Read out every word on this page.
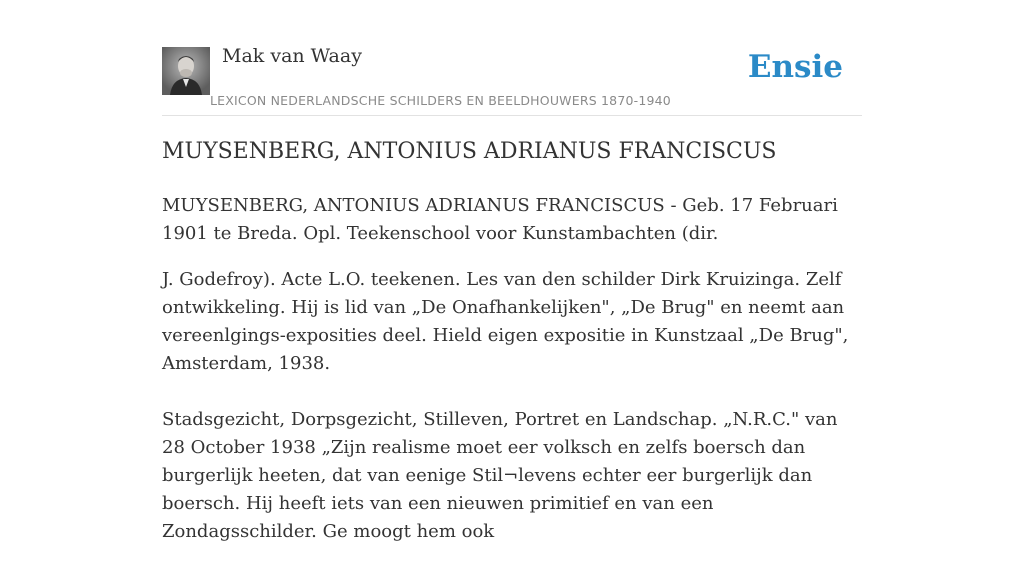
Mak van Waay
LEXICON NEDERLANDSCHE SCHILDERS EN BEELDHOUWERS 1870-1940
Ensie
MUYSENBERG, ANTONIUS ADRIANUS FRANCISCUS

MUYSENBERG, ANTONIUS ADRIANUS FRANCISCUS - Geb. 17 Februari 1901 te Breda. Opl. Teekenschool voor Kunstambachten (dir.

J. Godefroy). Acte L.O. teekenen. Les van den schilder Dirk Kruizinga. Zelf ontwikkeling. Hij is lid van „De Onafhankelijken", „De Brug" en neemt aan vereenlgings-exposities deel. Hield eigen expositie in Kunstzaal „De Brug", Amsterdam, 1938.

Stadsgezicht, Dorpsgezicht, Stilleven, Portret en Landschap. „N.R.C." van 28 October 1938 „Zijn realisme moet eer volksch en zelfs boersch dan burgerlijk heeten, dat van eenige Stil¬levens echter eer burgerlijk dan boersch. Hij heeft iets van een nieuwen primitief en van een Zondagsschilder. Ge moogt hem ook
